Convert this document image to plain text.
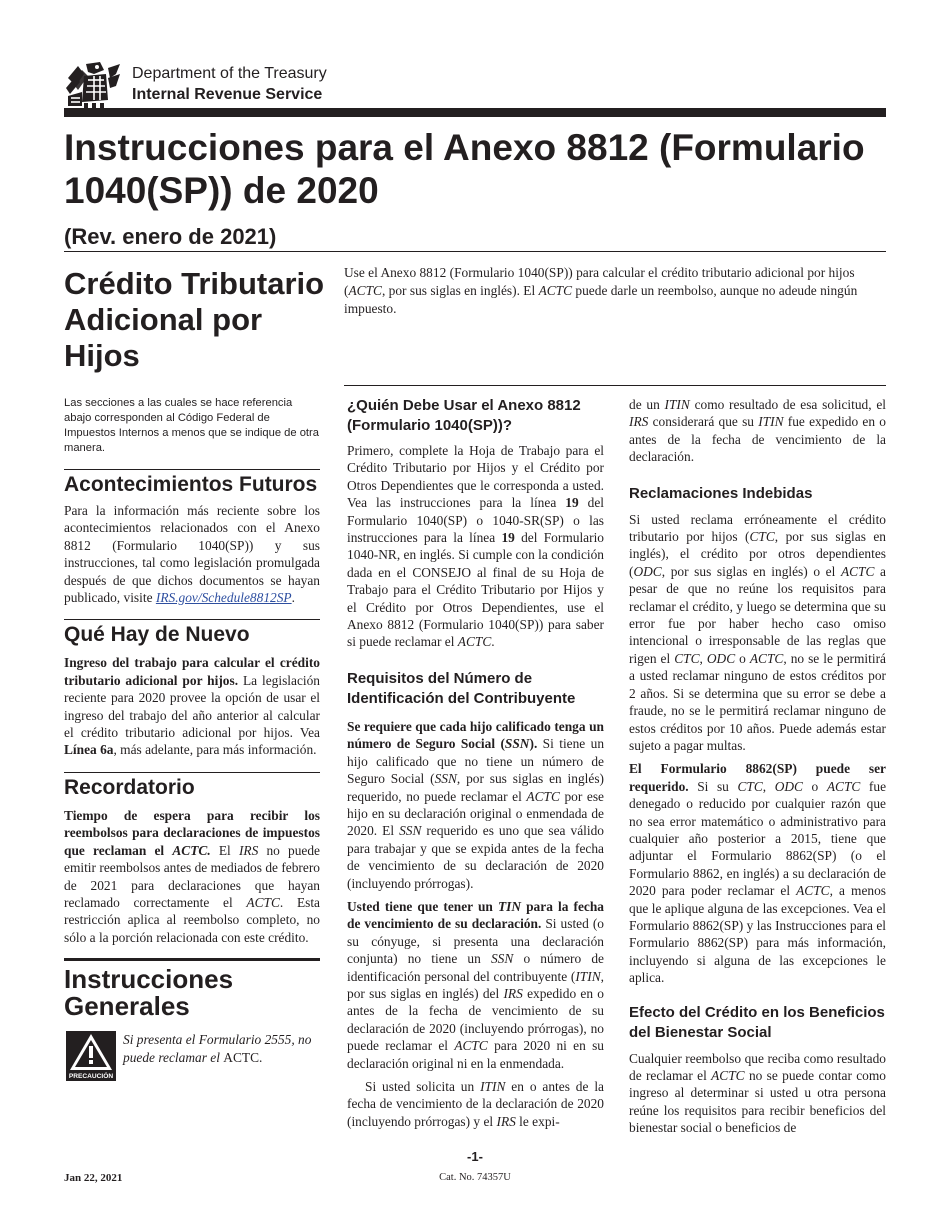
Department of the Treasury
Internal Revenue Service
Instrucciones para el Anexo 8812 (Formulario 1040(SP)) de 2020
(Rev. enero de 2021)
Crédito Tributario Adicional por Hijos

Use el Anexo 8812 (Formulario 1040(SP)) para calcular el crédito tributario adicional por hijos (ACTC, por sus siglas en inglés). El ACTC puede darle un reembolso, aunque no adeude ningún impuesto.

Las secciones a las cuales se hace referencia abajo corresponden al Código Federal de Impuestos Internos a menos que se indique de otra manera.

Acontecimientos Futuros

Para la información más reciente sobre los acontecimientos relacionados con el Anexo 8812 (Formulario 1040(SP)) y sus instrucciones, tal como legislación promulgada después de que dichos documentos se hayan publicado, visite IRS.gov/Schedule8812SP.

Qué Hay de Nuevo

Ingreso del trabajo para calcular el crédito tributario adicional por hijos. La legislación reciente para 2020 provee la opción de usar el ingreso del trabajo del año anterior al calcular el crédito tributario adicional por hijos. Vea Línea 6a, más adelante, para más información.

Recordatorio

Tiempo de espera para recibir los reembolsos para declaraciones de impuestos que reclaman el ACTC. El IRS no puede emitir reembolsos antes de mediados de febrero de 2021 para declaraciones que hayan reclamado correctamente el ACTC. Esta restricción aplica al reembolso completo, no sólo a la porción relacionada con este crédito.

Instrucciones Generales
PRECAUCIÓN

Si presenta el Formulario 2555, no puede reclamar el ACTC.

¿Quién Debe Usar el Anexo 8812 (Formulario 1040(SP))?

Primero, complete la Hoja de Trabajo para el Crédito Tributario por Hijos y el Crédito por Otros Dependientes que le corresponda a usted. Vea las instrucciones para la línea 19 del Formulario 1040(SP) o 1040-SR(SP) o las instrucciones para la línea 19 del Formulario 1040-NR, en inglés. Si cumple con la condición dada en el CONSEJO al final de su Hoja de Trabajo para el Crédito Tributario por Hijos y el Crédito por Otros Dependientes, use el Anexo 8812 (Formulario 1040(SP)) para saber si puede reclamar el ACTC.

Requisitos del Número de Identificación del Contribuyente

Se requiere que cada hijo calificado tenga un número de Seguro Social (SSN). Si tiene un hijo calificado que no tiene un número de Seguro Social (SSN, por sus siglas en inglés) requerido, no puede reclamar el ACTC por ese hijo en su declaración original o enmendada de 2020. El SSN requerido es uno que sea válido para trabajar y que se expida antes de la fecha de vencimiento de su declaración de 2020 (incluyendo prórrogas).

Usted tiene que tener un TIN para la fecha de vencimiento de su declaración. Si usted (o su cónyuge, si presenta una declaración conjunta) no tiene un SSN o número de identificación personal del contribuyente (ITIN, por sus siglas en inglés) del IRS expedido en o antes de la fecha de vencimiento de su declaración de 2020 (incluyendo prórrogas), no puede reclamar el ACTC para 2020 ni en su declaración original ni en la enmendada.

Si usted solicita un ITIN en o antes de la fecha de vencimiento de la declaración de 2020 (incluyendo prórrogas) y el IRS le expi-

de un ITIN como resultado de esa solicitud, el IRS considerará que su ITIN fue expedido en o antes de la fecha de vencimiento de la declaración.

Reclamaciones Indebidas

Si usted reclama erróneamente el crédito tributario por hijos (CTC, por sus siglas en inglés), el crédito por otros dependientes (ODC, por sus siglas en inglés) o el ACTC a pesar de que no reúne los requisitos para reclamar el crédito, y luego se determina que su error fue por haber hecho caso omiso intencional o irresponsable de las reglas que rigen el CTC, ODC o ACTC, no se le permitirá a usted reclamar ninguno de estos créditos por 2 años. Si se determina que su error se debe a fraude, no se le permitirá reclamar ninguno de estos créditos por 10 años. Puede además estar sujeto a pagar multas.

El Formulario 8862(SP) puede ser requerido. Si su CTC, ODC o ACTC fue denegado o reducido por cualquier razón que no sea error matemático o administrativo para cualquier año posterior a 2015, tiene que adjuntar el Formulario 8862(SP) (o el Formulario 8862, en inglés) a su declaración de 2020 para poder reclamar el ACTC, a menos que le aplique alguna de las excepciones. Vea el Formulario 8862(SP) y las Instrucciones para el Formulario 8862(SP) para más información, incluyendo si alguna de las excepciones le aplica.

Efecto del Crédito en los Beneficios del Bienestar Social

Cualquier reembolso que reciba como resultado de reclamar el ACTC no se puede contar como ingreso al determinar si usted u otra persona reúne los requisitos para recibir beneficios del bienestar social o beneficios de

-1-
Jan 22, 2021	Cat. No. 74357U
